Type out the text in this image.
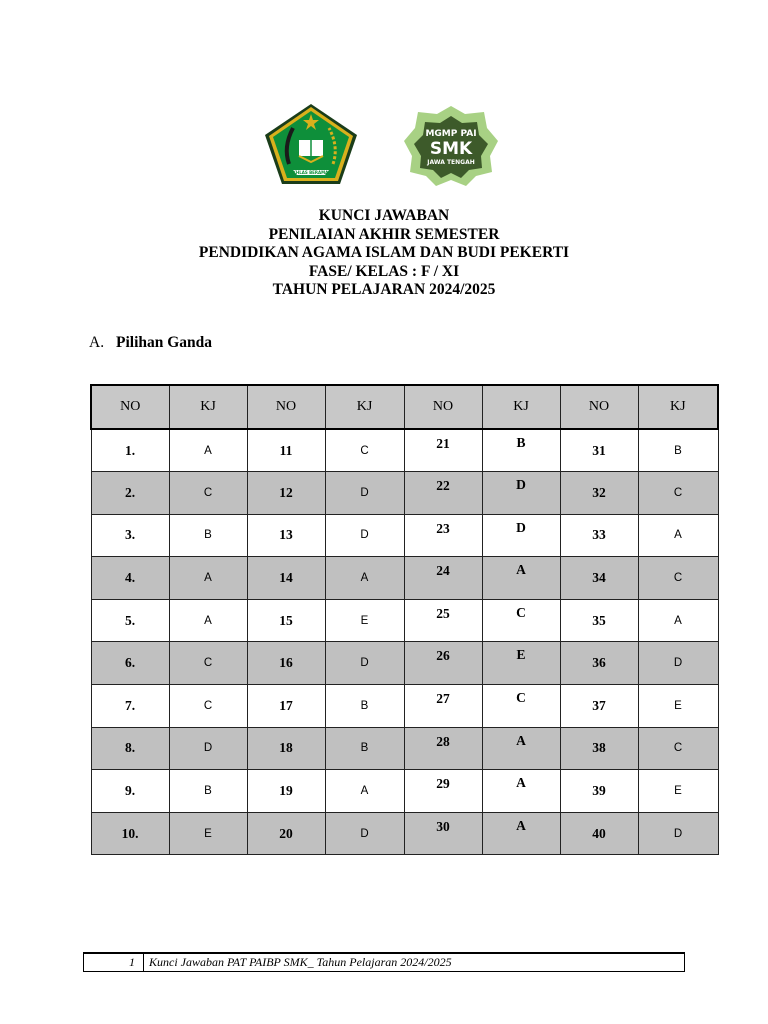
IKHLAS BERAMAL
MGMP PAI
SMK
JAWA TENGAH
KUNCI JAWABAN
PENILAIAN AKHIR SEMESTER
PENDIDIKAN AGAMA ISLAM DAN BUDI PEKERTI
FASE/ KELAS : F / XI
TAHUN PELAJARAN 2024/2025
A. Pilihan Ganda
NO	KJ	NO	KJ	NO	KJ	NO	KJ
1.	A	11	C	21	B	31	B
2.	C	12	D	22	D	32	C
3.	B	13	D	23	D	33	A
4.	A	14	A	24	A	34	C
5.	A	15	E	25	C	35	A
6.	C	16	D	26	E	36	D
7.	C	17	B	27	C	37	E
8.	D	18	B	28	A	38	C
9.	B	19	A	29	A	39	E
10.	E	20	D	30	A	40	D
1	Kunci Jawaban PAT PAIBP SMK_ Tahun Pelajaran 2024/2025
